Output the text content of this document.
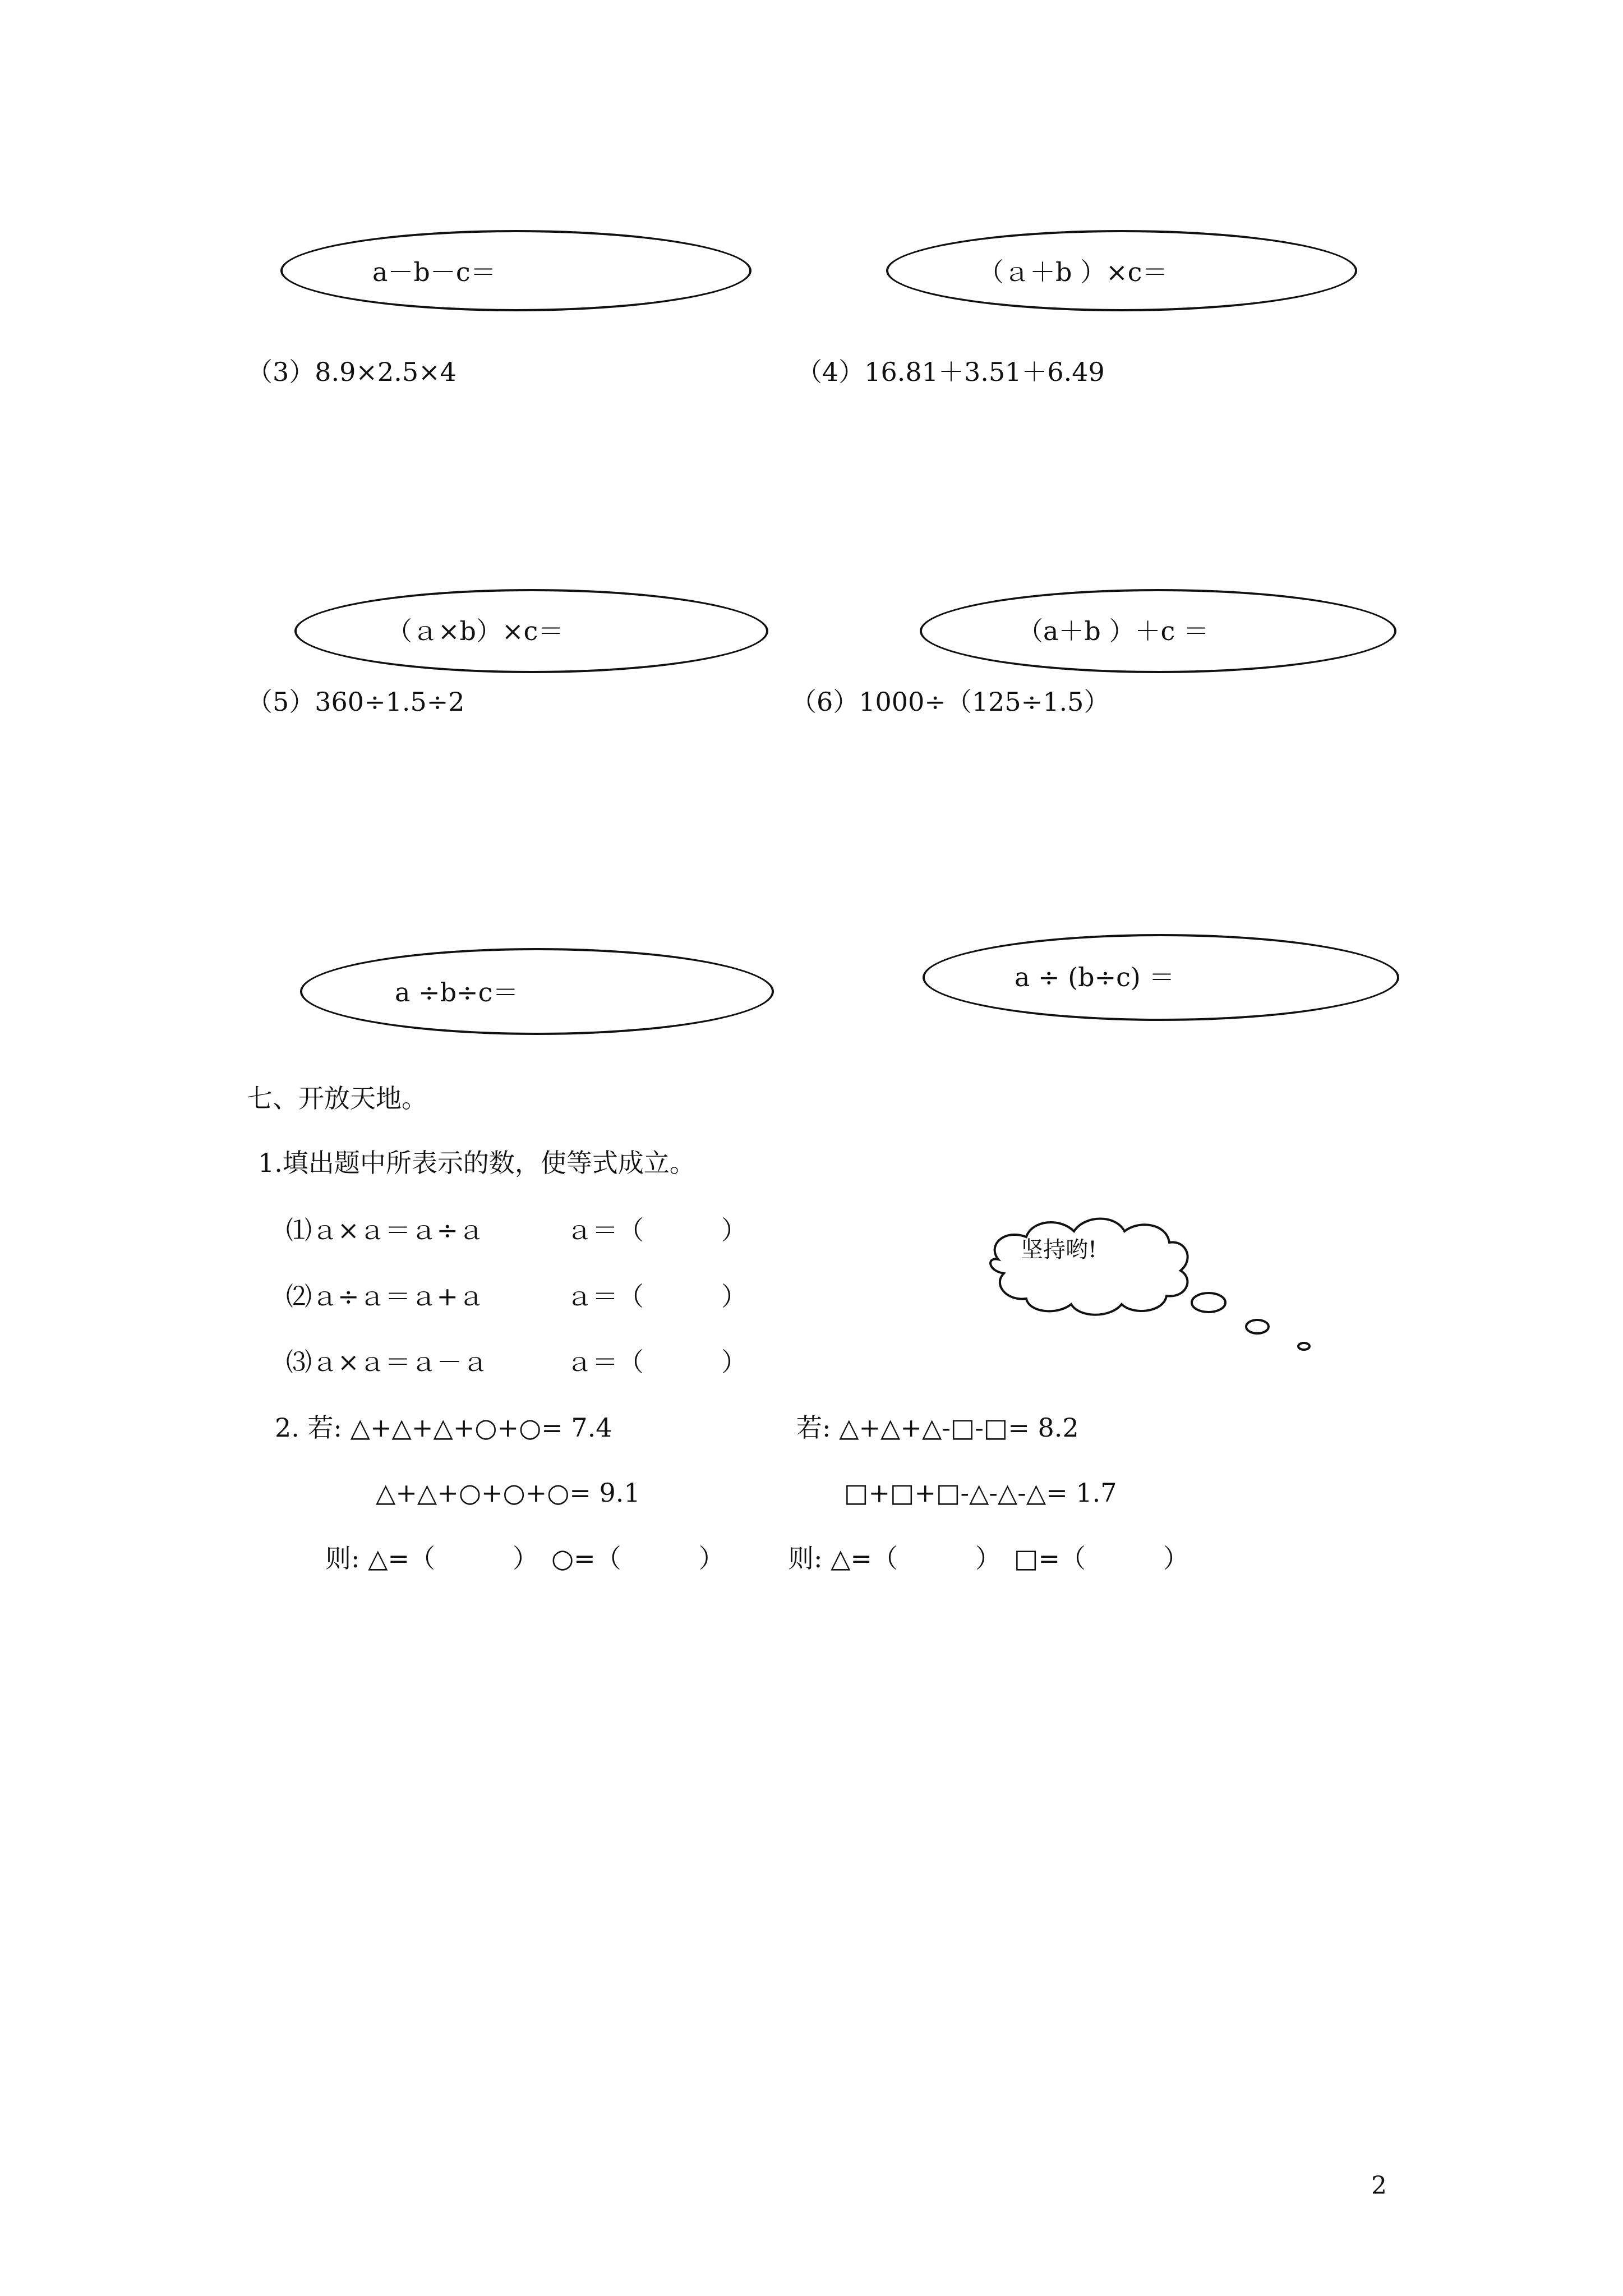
a－b－c＝	（ａ＋b ）×c＝
（3）8.9×2.5×4	（4）16.81＋3.51＋6.49
（ａ×b）×c＝	（a＋b ）＋c ＝
（5）360÷1.5÷2	（6）1000÷（125÷1.5）
a ÷b÷c＝	a ÷ (b÷c) ＝
七、开放天地。
1.填出题中所表示的数，使等式成立。
⑴ａ×ａ＝ａ÷ａ	ａ＝（　　　）
⑵ａ÷ａ＝ａ+ａ	ａ＝（　　　）
⑶ａ×ａ＝ａ－ａ	ａ＝（　　　）
坚持哟!
2. 若: △+△+△+○+○= 7.4
△+△+○+○+○= 9.1
则: △=（　　　）　○=（　　　）
若: △+△+△-□-□= 8.2
□+□+□-△-△-△= 1.7
则: △=（　　　）　□=（　　　）
2
